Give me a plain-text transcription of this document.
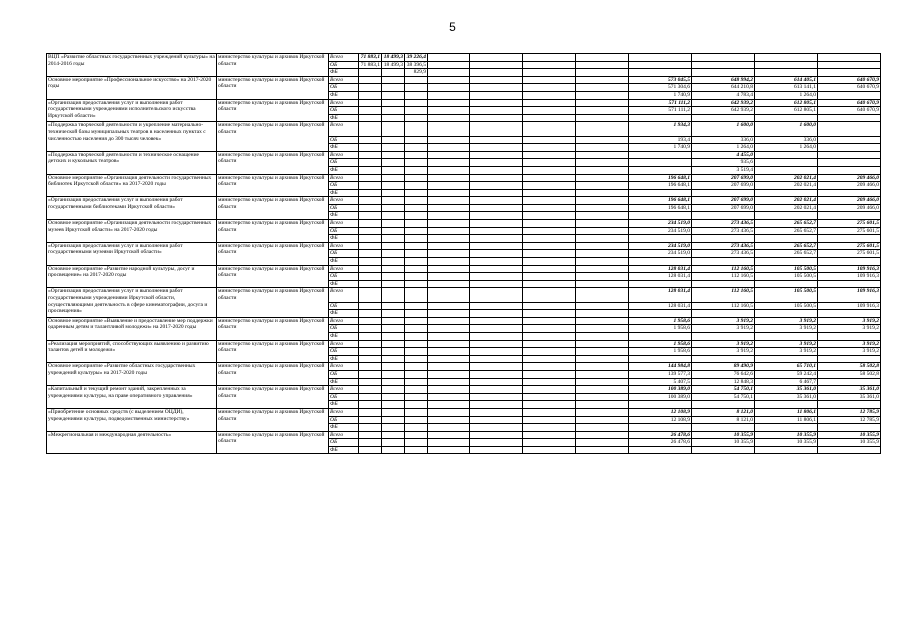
5
ВЦП «Развитие областных государственных учреждений культуры» на 2014-2016 годы	министерство культуры и архивов Иркутской области	Всего	71 883,1	18 499,3	39 226,4								
		ОБ	71 883,1	18 499,3	38 396,5								
		ФБ			829,9								
Основное мероприятие «Профессиональное искусство» на 2017-2020 годы	министерство культуры и архивов Иркутской области	Всего								573 045,5	648 994,2	614 405,1	640 670,9
		ОБ								571 304,6	644 210,8	613 141,1	640 670,9
		ФБ								1 740,9	4 783,4	1 264,0	
«Организация предоставления услуг и выполнения работ государственными учреждениями исполнительского искусства Иркутской области»	министерство культуры и архивов Иркутской области	Всего								571 111,2	642 939,2	612 805,1	640 670,9
		ОБ								571 111,2	642 939,2	612 805,1	640 670,9
		ФБ											
«Поддержка творческой деятельности и укрепление материально-технической базы муниципальных театров в населенных пунктах с численностью населения до 300 тысяч человек»	министерство культуры и архивов Иркутской области	Всего								1 934,3	1 600,0	1 600,0	
		ОБ								193,4	336,0	336,0	
		ФБ								1 740,9	1 264,0	1 264,0	
«Поддержка творческой деятельности и техническое оснащение детских и кукольных театров»	министерство культуры и архивов Иркутской области	Всего									4 455,0		
		ОБ									935,6		
		ФБ									3 519,4		
Основное мероприятие «Организация деятельности государственных библиотек Иркутской области» на 2017-2020 годы	министерство культуры и архивов Иркутской области	Всего								196 648,1	207 699,0	202 021,4	209 466,0
		ОБ								196 648,1	207 699,0	202 021,4	209 466,0
		ФБ											
«Организация предоставления услуг и выполнения работ государственными библиотеками Иркутской области»	министерство культуры и архивов Иркутской области	Всего								196 648,1	207 699,0	202 021,4	209 466,0
		ОБ								196 648,1	207 699,0	202 021,4	209 466,0
		ФБ											
Основное мероприятие «Организация деятельности государственных музеев Иркутской области» на 2017-2020 годы	министерство культуры и архивов Иркутской области	Всего								234 519,0	273 436,5	265 652,7	275 601,5
		ОБ								234 519,0	273 436,5	265 652,7	275 601,5
		ФБ											
«Организация предоставления услуг и выполнения работ государственными музеями Иркутской области»	министерство культуры и архивов Иркутской области	Всего								234 519,0	273 436,5	265 652,7	275 601,5
		ОБ								234 519,0	273 436,5	265 652,7	275 601,5
		ФБ											
Основное мероприятие «Развитие народной культуры, досуг и просвещение» на 2017-2020 годы	министерство культуры и архивов Иркутской области	Всего								128 031,4	112 160,5	105 500,5	109 916,3
		ОБ								128 031,4	112 160,5	105 500,5	109 916,3
		ФБ											
«Организация предоставления услуг и выполнения работ государственными учреждениями Иркутской области, осуществляющими деятельность в сфере кинематографии, досуга и просвещения»	министерство культуры и архивов Иркутской области	Всего								128 031,4	112 160,5	105 500,5	109 916,3
		ОБ								128 031,4	112 160,5	105 500,5	109 916,3
		ФБ											
Основное мероприятие «Выявление и предоставление мер поддержки одаренным детям и талантливой молодежи» на 2017-2020 годы	министерство культуры и архивов Иркутской области	Всего								1 958,6	3 919,2	3 919,2	3 919,2
		ОБ								1 958,6	3 919,2	3 919,2	3 919,2
		ФБ											
«Реализация мероприятий, способствующих выявлению и развитию талантов детей и молодежи»	министерство культуры и архивов Иркутской области	Всего								1 958,6	3 919,2	3 919,2	3 919,2
		ОБ								1 958,6	3 919,2	3 919,2	3 919,2
		ФБ											
Основное мероприятие «Развитие областных государственных учреждений культуры» на 2017-2020 годы	министерство культуры и архивов Иркутской области	Всего								144 984,8	89 490,9	65 710,1	58 502,8
		ОБ								139 577,3	76 642,6	59 242,4	58 502,8
		ФБ								5 407,5	12 848,3	6 467,7	
«Капитальный и текущий ремонт зданий, закрепленных за учреждениями культуры, на праве оперативного управления»	министерство культуры и архивов Иркутской области	Всего								100 389,0	54 750,1	35 361,0	35 361,0
		ОБ								100 389,0	54 750,1	35 361,0	35 361,0
		ФБ											
«Приобретение основных средств (с выделением ОЦДИ), учреждениями культуры, подведомственных министерству»	министерство культуры и архивов Иркутской области	Всего								12 108,9	8 121,0	11 806,1	12 785,9
		ОБ								12 108,9	8 121,0	11 806,1	12 785,9
		ФБ											
«Межрегиональная и международная деятельность»	министерство культуры и архивов Иркутской области	Всего								26 478,6	10 355,9	10 355,9	10 355,9
		ОБ								26 478,6	10 355,9	10 355,9	10 355,9
		ФБ											
